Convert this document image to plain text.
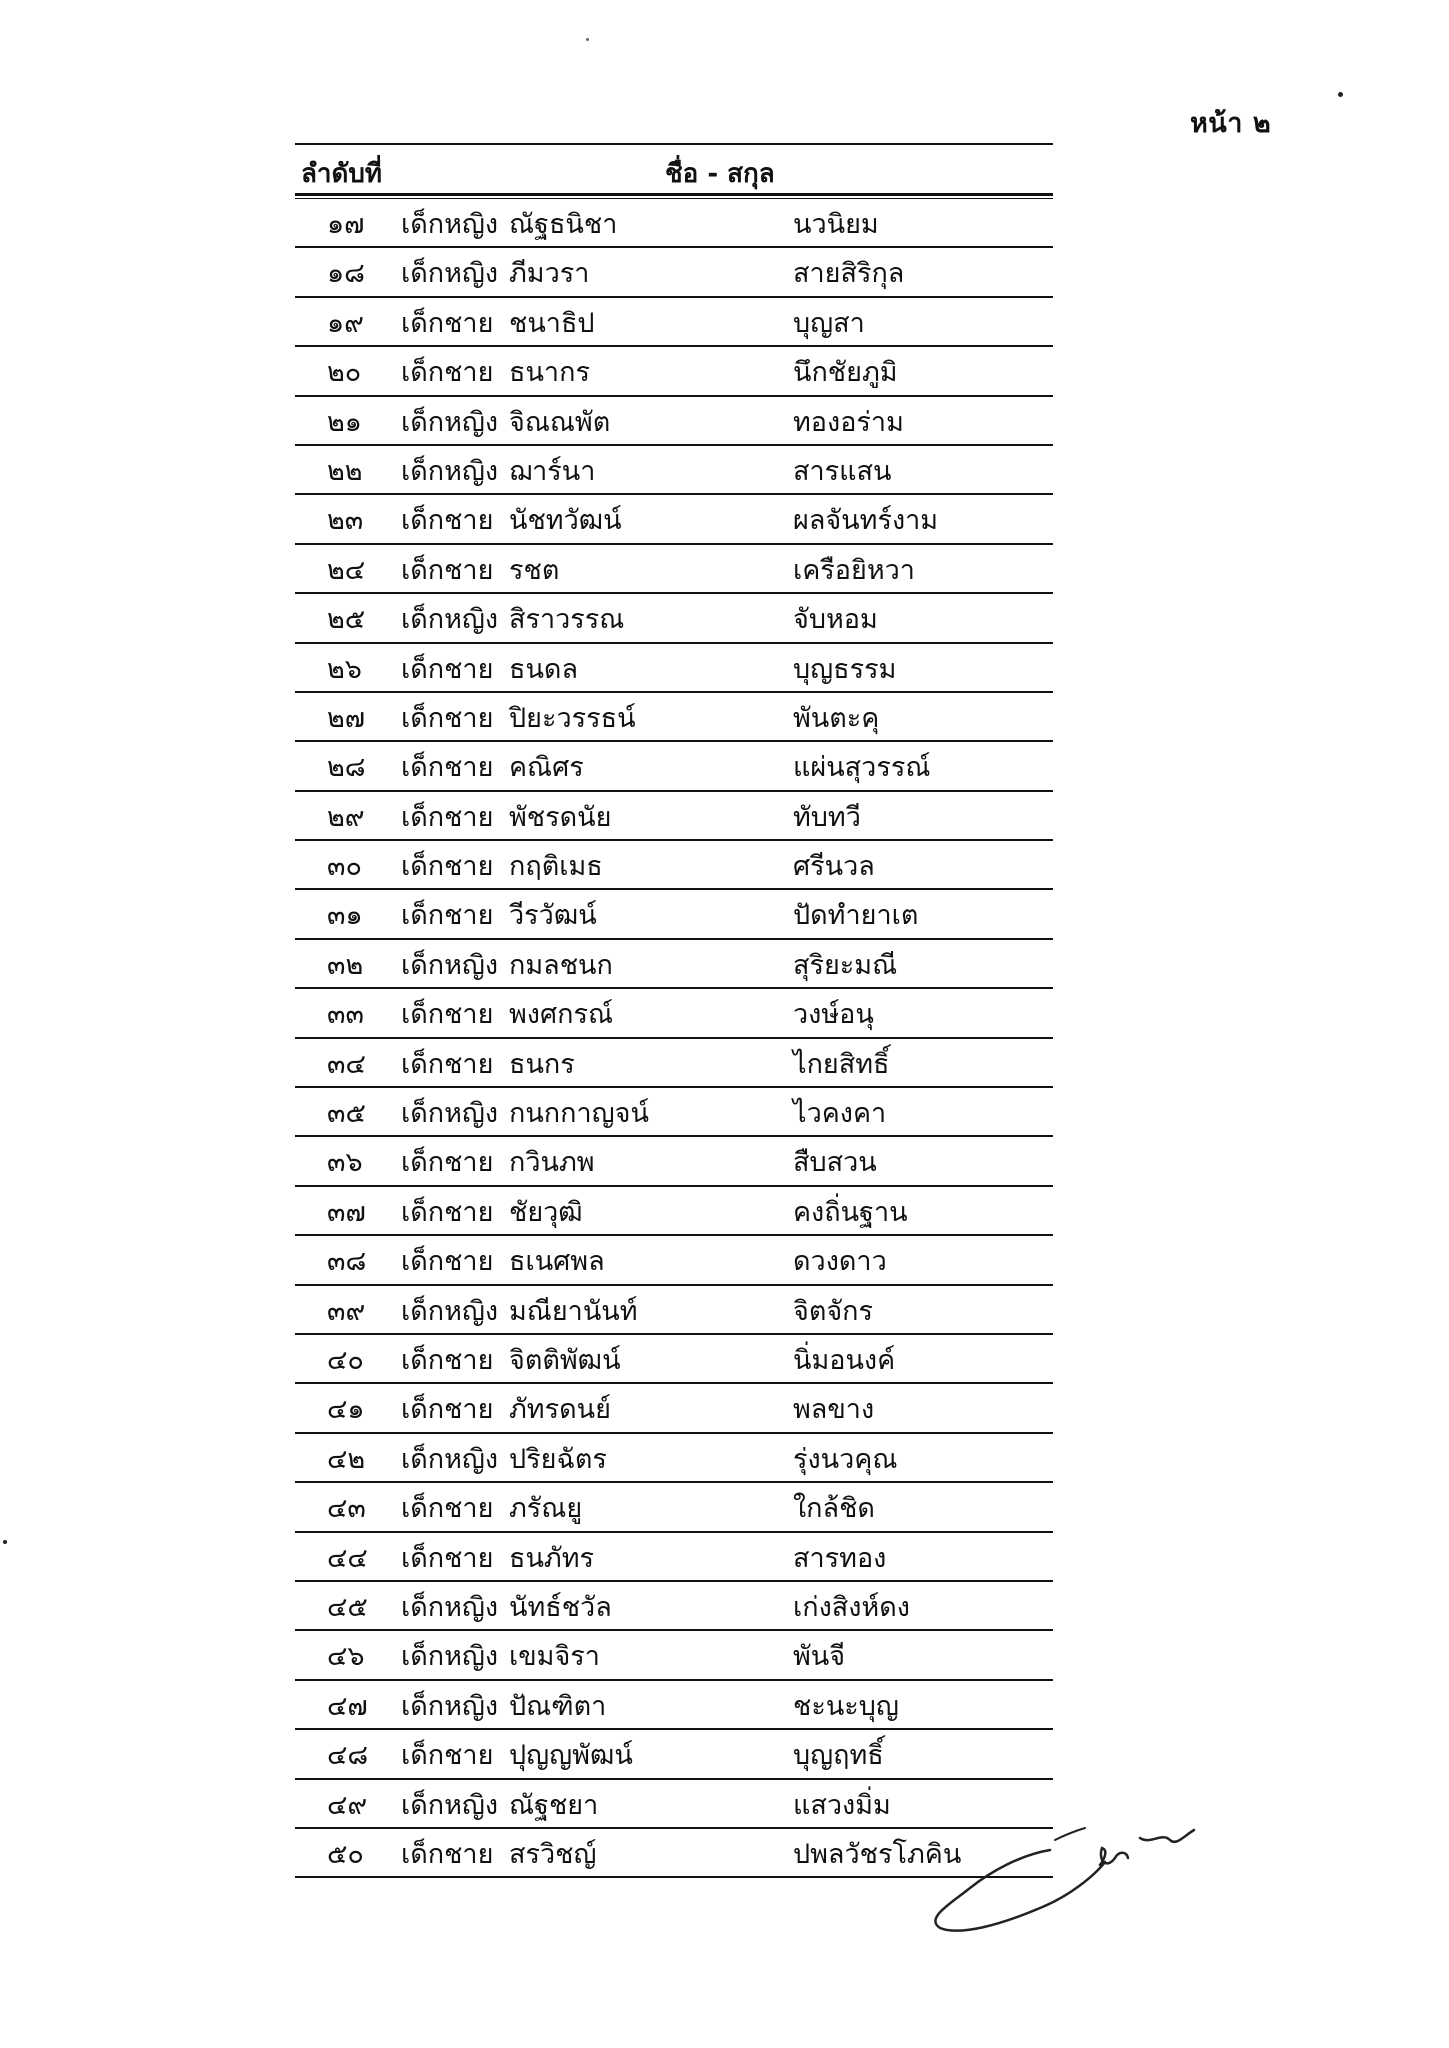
หน้า ๒
ลำดับที่	ชื่อ - สกุล
๑๗ เด็กหญิง ณัฐธนิชา	นวนิยม
๑๘ เด็กหญิง ภีมวรา	สายสิริกุล
๑๙ เด็กชาย ชนาธิป	บุญสา
๒๐ เด็กชาย ธนากร	นึกชัยภูมิ
๒๑ เด็กหญิง จิณณพัต	ทองอร่าม
๒๒ เด็กหญิง ฌาร์นา	สารแสน
๒๓ เด็กชาย นัชทวัฒน์	ผลจันทร์งาม
๒๔ เด็กชาย รชต	เครือยิหวา
๒๕ เด็กหญิง สิราวรรณ	จับหอม
๒๖ เด็กชาย ธนดล	บุญธรรม
๒๗ เด็กชาย ปิยะวรรธน์	พันตะคุ
๒๘ เด็กชาย คณิศร	แผ่นสุวรรณ์
๒๙ เด็กชาย พัชรดนัย	ทับทวี
๓๐ เด็กชาย กฤติเมธ	ศรีนวล
๓๑ เด็กชาย วีรวัฒน์	ปัดทำยาเต
๓๒ เด็กหญิง กมลชนก	สุริยะมณี
๓๓ เด็กชาย พงศกรณ์	วงษ์อนุ
๓๔ เด็กชาย ธนกร	ไกยสิทธิ์
๓๕ เด็กหญิง กนกกาญจน์	ไวคงคา
๓๖ เด็กชาย กวินภพ	สืบสวน
๓๗ เด็กชาย ชัยวุฒิ	คงถิ่นฐาน
๓๘ เด็กชาย ธเนศพล	ดวงดาว
๓๙ เด็กหญิง มณียานันท์	จิตจักร
๔๐ เด็กชาย จิตติพัฒน์	นิ่มอนงค์
๔๑ เด็กชาย ภัทรดนย์	พลขาง
๔๒ เด็กหญิง ปริยฉัตร	รุ่งนวคุณ
๔๓ เด็กชาย ภรัณยู	ใกล้ชิด
๔๔ เด็กชาย ธนภัทร	สารทอง
๔๕ เด็กหญิง นัทธ์ชวัล	เก่งสิงห์ดง
๔๖ เด็กหญิง เขมจิรา	พันจี
๔๗ เด็กหญิง ปัณฑิตา	ชะนะบุญ
๔๘ เด็กชาย ปุญญพัฒน์	บุญฤทธิ์
๔๙ เด็กหญิง ณัฐชยา	แสวงมิ่ม
๕๐ เด็กชาย สรวิชญ์	ปพลวัชรโภคิน
